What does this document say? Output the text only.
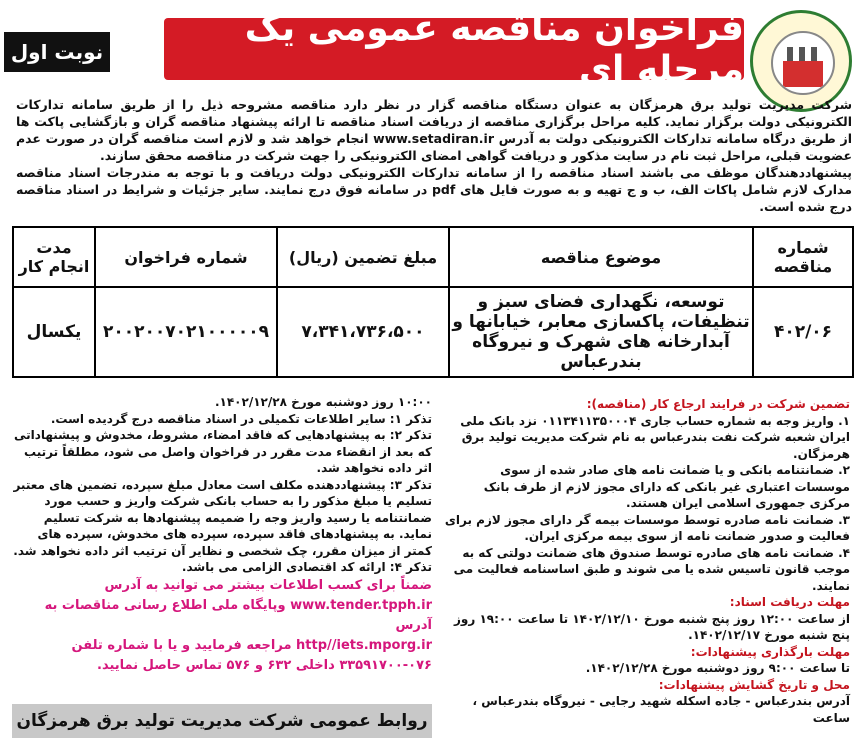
فراخوان مناقصه عمومی یک مرحله ای
نوبت اول

شرکت مدیریت تولید برق هرمزگان به عنوان دستگاه مناقصه گزار در نظر دارد مناقصه مشروحه ذیل را از طریق سامانه تدارکات الکترونیکی دولت برگزار نماید. کلیه مراحل برگزاری مناقصه از دریافت اسناد مناقصه تا ارائه پیشنهاد مناقصه گران و بازگشایی پاکت ها از طریق درگاه سامانه تدارکات الکترونیکی دولت به آدرس www.setadiran.ir انجام خواهد شد و لازم است مناقصه گران در صورت عدم عضویت قبلی، مراحل ثبت نام در سایت مذکور و دریافت گواهی امضای الکترونیکی را جهت شرکت در مناقصه محقق سازند.

پیشنهاددهندگان موظف می باشند اسناد مناقصه را از سامانه تدارکات الکترونیکی دولت دریافت و با توجه به مندرجات اسناد مناقصه مدارک لازم شامل پاکات الف، ب و ج تهیه و به صورت فایل های pdf در سامانه فوق درج نمایند. سایر جزئیات و شرایط در اسناد مناقصه درج شده است.

شماره مناقصه	موضوع مناقصه	مبلغ تضمین (ریال)	شماره فراخوان	مدت انجام کار
۴۰۲/۰۶	توسعه، نگهداری فضای سبز و تنظیفات، پاکسازی معابر، خیابانها و آبدارخانه های شهرک و نیروگاه بندرعباس	۷،۳۴۱،۷۳۶،۵۰۰	۲۰۰۲۰۰۷۰۲۱۰۰۰۰۰۹	یکسال

تضمین شرکت در فرایند ارجاع کار (مناقصه):

۱. واریز وجه به شماره حساب جاری ۰۱۱۳۴۱۱۳۵۰۰۰۴ نزد بانک ملی ایران شعبه شرکت نفت بندرعباس به نام شرکت مدیریت تولید برق هرمزگان.

۲. ضمانتنامه بانکی و یا ضمانت نامه های صادر شده از سوی موسسات اعتباری غیر بانکی که دارای مجوز لازم از طرف بانک مرکزی جمهوری اسلامی ایران هستند.

۳. ضمانت نامه صادره توسط موسسات بیمه گر دارای مجوز لازم برای فعالیت و صدور ضمانت نامه از سوی بیمه مرکزی ایران.

۴. ضمانت نامه های صادره توسط صندوق های ضمانت دولتی که به موجب قانون تاسیس شده یا می شوند و طبق اساسنامه فعالیت می نمایند.

مهلت دریافت اسناد:

از ساعت ۱۲:۰۰ روز پنج شنبه مورخ ۱۴۰۲/۱۲/۱۰ تا ساعت ۱۹:۰۰ روز پنج شنبه مورخ ۱۴۰۲/۱۲/۱۷.

مهلت بارگذاری پیشنهادات:

تا ساعت ۹:۰۰ روز دوشنبه مورخ ۱۴۰۲/۱۲/۲۸.

محل و تاریخ گشایش پیشنهادات:

آدرس بندرعباس - جاده اسکله شهید رجایی - نیروگاه بندرعباس ، ساعت

۱۰:۰۰ روز دوشنبه مورخ ۱۴۰۲/۱۲/۲۸.

تذکر ۱: سایر اطلاعات تکمیلی در اسناد مناقصه درج گردیده است.

تذکر ۲: به پیشنهادهایی که فاقد امضاء، مشروط، مخدوش و پیشنهاداتی که بعد از انقضاء مدت مقرر در فراخوان واصل می شود، مطلقاً ترتیب اثر داده نخواهد شد.

تذکر ۳: پیشنهاددهنده مکلف است معادل مبلغ سپرده، تضمین های معتبر تسلیم یا مبلغ مذکور را به حساب بانکی شرکت واریز و حسب مورد ضمانتنامه یا رسید واریز وجه را ضمیمه پیشنهادها به شرکت تسلیم نماید. به پیشنهادهای فاقد سپرده، سپرده های مخدوش، سپرده های کمتر از میزان مقرر، چک شخصی و نظایر آن ترتیب اثر داده نخواهد شد.

تذکر ۴: ارائه کد اقتصادی الزامی می باشد.

ضمناً برای کسب اطلاعات بیشتر می توانید به آدرس

www.tender.tpph.ir وپایگاه ملی اطلاع رسانی مناقصات به آدرس

http//iets.mporg.ir مراجعه فرمایید و یا با شماره تلفن

۳۳۵۹۱۷۰۰-۰۷۶ داخلی ۶۳۲ و ۵۷۶ تماس حاصل نمایید.

روابط عمومی شرکت مدیریت تولید برق هرمزگان
